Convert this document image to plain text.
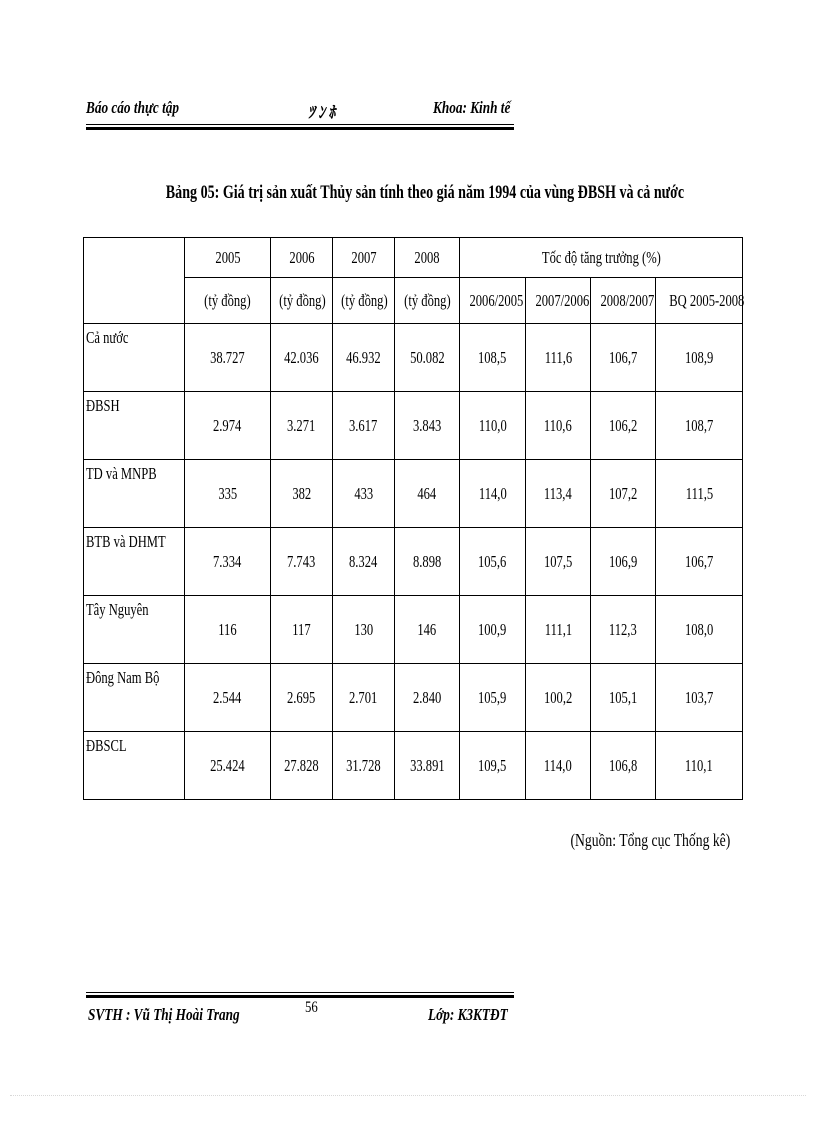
Báo cáo thực tập	ﾂ ﾝ ﾎ	Khoa: Kinh tế
Bảng 05: Giá trị sản xuất Thủy sản tính theo giá năm 1994 của vùng ĐBSH và cả nước
	2005	2006	2007	2008	Tốc độ tăng trưởng (%)			
	(tỷ đồng)	(tỷ đồng)	(tỷ đồng)	(tỷ đồng)	2006/2005	2007/2006	2008/2007	BQ 2005-2008
Cả nước	38.727	42.036	46.932	50.082	108,5	111,6	106,7	108,9
ĐBSH	2.974	3.271	3.617	3.843	110,0	110,6	106,2	108,7
TD và MNPB	335	382	433	464	114,0	113,4	107,2	111,5
BTB và DHMT	7.334	7.743	8.324	8.898	105,6	107,5	106,9	106,7
Tây Nguyên	116	117	130	146	100,9	111,1	112,3	108,0
Đông Nam Bộ	2.544	2.695	2.701	2.840	105,9	100,2	105,1	103,7
ĐBSCL	25.424	27.828	31.728	33.891	109,5	114,0	106,8	110,1
(Nguồn: Tổng cục Thống kê)
SVTH : Vũ Thị Hoài Trang	56	Lớp: K3KTĐT
